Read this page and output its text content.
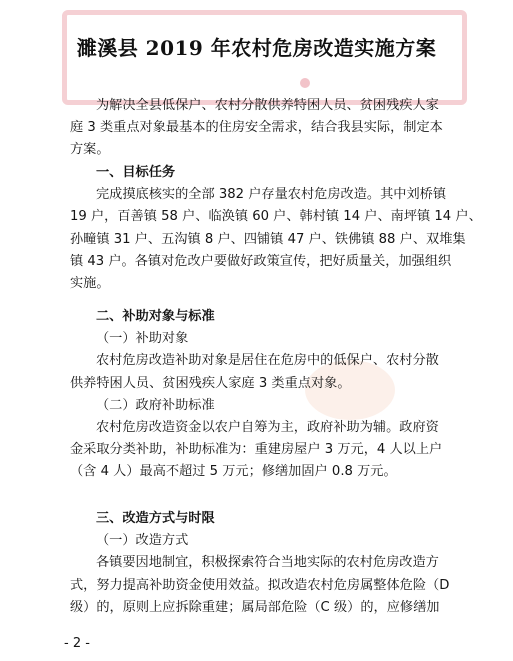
濉溪县 2019 年农村危房改造实施方案
为解决全县低保户、农村分散供养特困人员、贫困残疾人家
庭 3 类重点对象最基本的住房安全需求，结合我县实际，制定本
方案。
一、目标任务
完成摸底核实的全部 382 户存量农村危房改造。其中刘桥镇
19 户，百善镇 58 户、临涣镇 60 户、韩村镇 14 户、南坪镇 14 户、
孙疃镇 31 户、五沟镇 8 户、四铺镇 47 户、铁佛镇 88 户、双堆集
镇 43 户。各镇对危改户要做好政策宣传，把好质量关，加强组织
实施。
二、补助对象与标准
（一）补助对象
农村危房改造补助对象是居住在危房中的低保户、农村分散
供养特困人员、贫困残疾人家庭 3 类重点对象。
（二）政府补助标准
农村危房改造资金以农户自筹为主，政府补助为辅。政府资
金采取分类补助，补助标准为：重建房屋户 3 万元，4 人以上户
（含 4 人）最高不超过 5 万元；修缮加固户 0.8 万元。
三、改造方式与时限
（一）改造方式
各镇要因地制宜，积极探索符合当地实际的农村危房改造方
式，努力提高补助资金使用效益。拟改造农村危房属整体危险（D
级）的，原则上应拆除重建；属局部危险（C 级）的，应修缮加
- 2 -
